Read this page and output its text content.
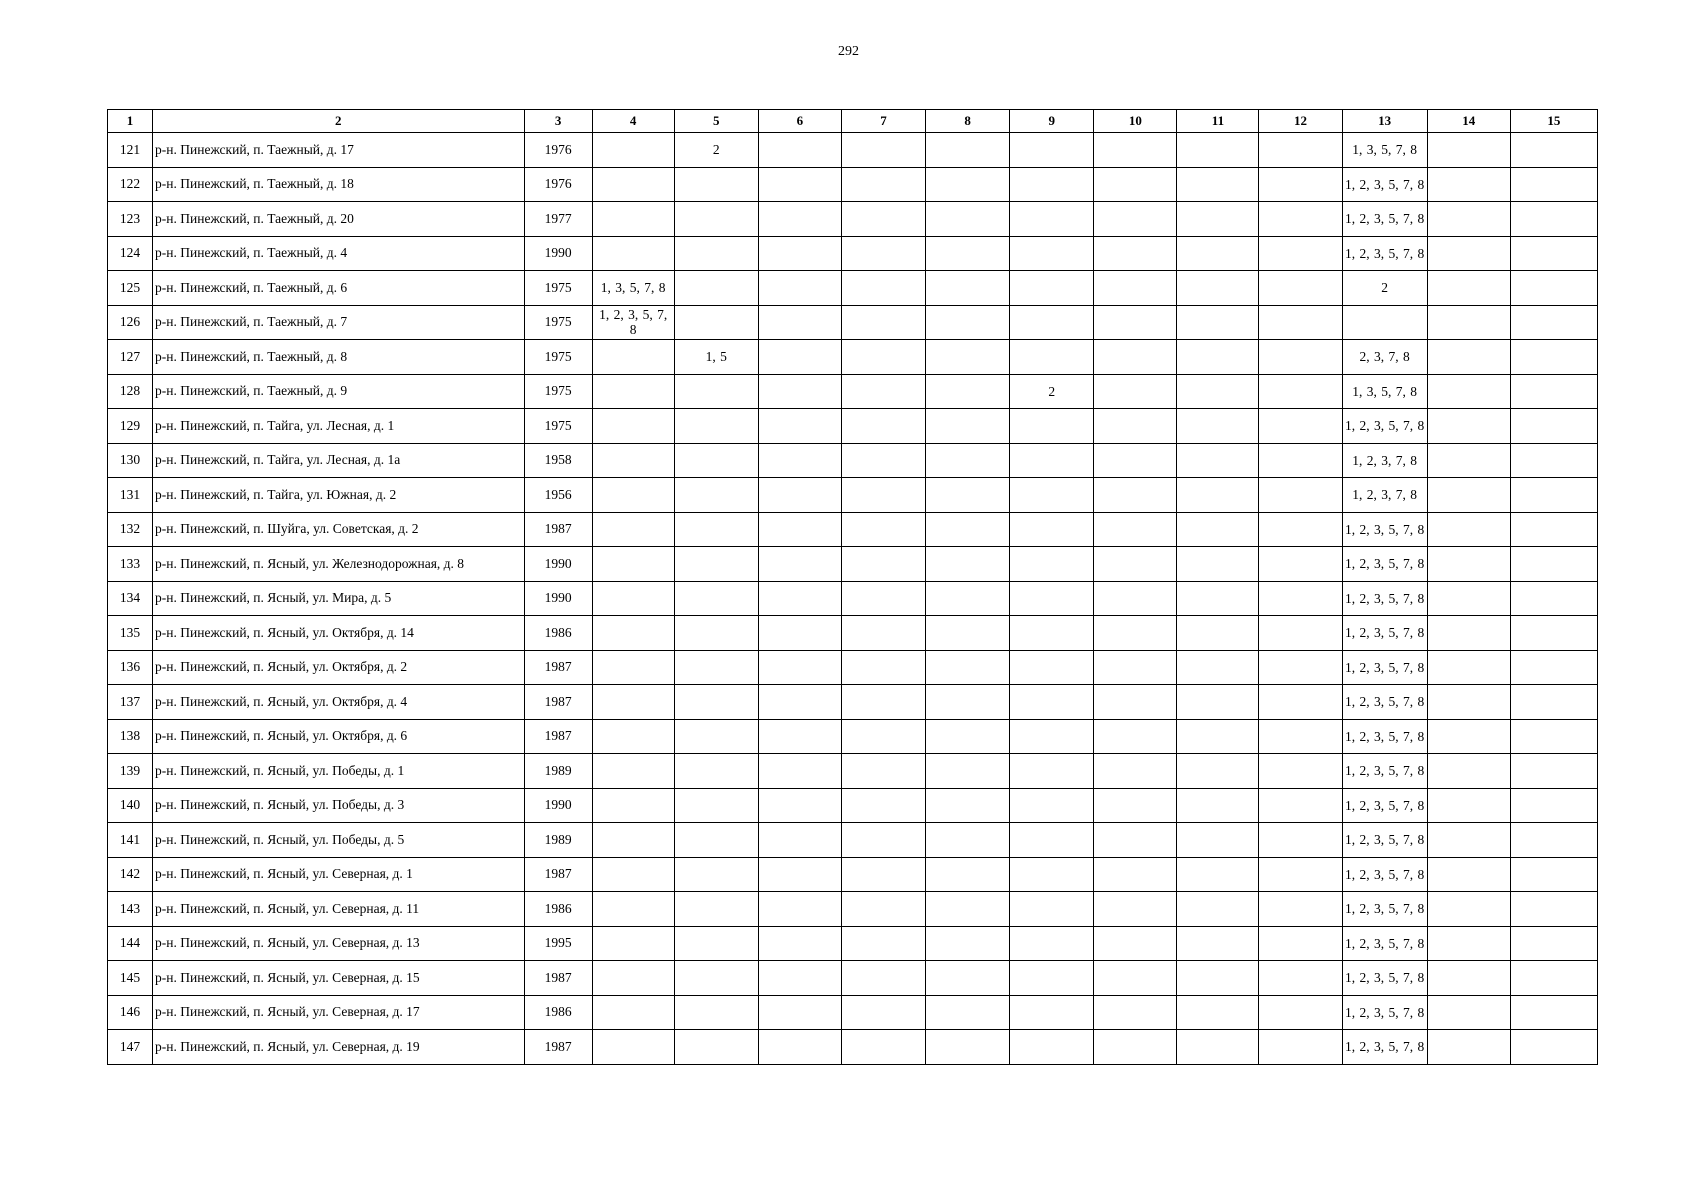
292
1	2	3	4	5	6	7	8	9	10	11	12	13	14	15
121	р-н. Пинежский, п. Таежный, д. 17	1976		2								1, 3, 5, 7, 8		
122	р-н. Пинежский, п. Таежный, д. 18	1976										1, 2, 3, 5, 7, 8		
123	р-н. Пинежский, п. Таежный, д. 20	1977										1, 2, 3, 5, 7, 8		
124	р-н. Пинежский, п. Таежный, д. 4	1990										1, 2, 3, 5, 7, 8		
125	р-н. Пинежский, п. Таежный, д. 6	1975	1, 3, 5, 7, 8									2		
126	р-н. Пинежский, п. Таежный, д. 7	1975	1, 2, 3, 5, 7, 8											
127	р-н. Пинежский, п. Таежный, д. 8	1975		1, 5								2, 3, 7, 8		
128	р-н. Пинежский, п. Таежный, д. 9	1975						2				1, 3, 5, 7, 8		
129	р-н. Пинежский, п. Тайга, ул. Лесная, д. 1	1975										1, 2, 3, 5, 7, 8		
130	р-н. Пинежский, п. Тайга, ул. Лесная, д. 1а	1958										1, 2, 3, 7, 8		
131	р-н. Пинежский, п. Тайга, ул. Южная, д. 2	1956										1, 2, 3, 7, 8		
132	р-н. Пинежский, п. Шуйга, ул. Советская, д. 2	1987										1, 2, 3, 5, 7, 8		
133	р-н. Пинежский, п. Ясный, ул. Железнодорожная, д. 8	1990										1, 2, 3, 5, 7, 8		
134	р-н. Пинежский, п. Ясный, ул. Мира, д. 5	1990										1, 2, 3, 5, 7, 8		
135	р-н. Пинежский, п. Ясный, ул. Октября, д. 14	1986										1, 2, 3, 5, 7, 8		
136	р-н. Пинежский, п. Ясный, ул. Октября, д. 2	1987										1, 2, 3, 5, 7, 8		
137	р-н. Пинежский, п. Ясный, ул. Октября, д. 4	1987										1, 2, 3, 5, 7, 8		
138	р-н. Пинежский, п. Ясный, ул. Октября, д. 6	1987										1, 2, 3, 5, 7, 8		
139	р-н. Пинежский, п. Ясный, ул. Победы, д. 1	1989										1, 2, 3, 5, 7, 8		
140	р-н. Пинежский, п. Ясный, ул. Победы, д. 3	1990										1, 2, 3, 5, 7, 8		
141	р-н. Пинежский, п. Ясный, ул. Победы, д. 5	1989										1, 2, 3, 5, 7, 8		
142	р-н. Пинежский, п. Ясный, ул. Северная, д. 1	1987										1, 2, 3, 5, 7, 8		
143	р-н. Пинежский, п. Ясный, ул. Северная, д. 11	1986										1, 2, 3, 5, 7, 8		
144	р-н. Пинежский, п. Ясный, ул. Северная, д. 13	1995										1, 2, 3, 5, 7, 8		
145	р-н. Пинежский, п. Ясный, ул. Северная, д. 15	1987										1, 2, 3, 5, 7, 8		
146	р-н. Пинежский, п. Ясный, ул. Северная, д. 17	1986										1, 2, 3, 5, 7, 8		
147	р-н. Пинежский, п. Ясный, ул. Северная, д. 19	1987										1, 2, 3, 5, 7, 8		
